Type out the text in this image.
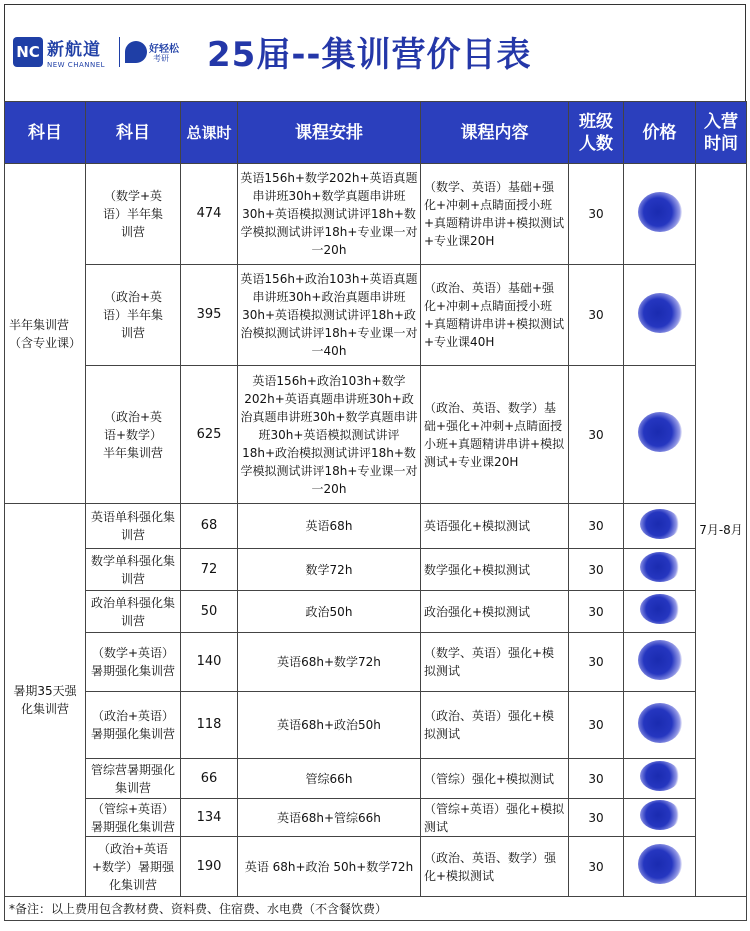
NC 新航道
NEW CHANNEL
好轻松
考研 25届--集训营价目表
科目	科目	总课时	课程安排	课程内容	班级人数	价格	入营时间
半年集训营（含专业课）	（数学+英语）半年集训营	474	英语156h+数学202h+英语真题串讲班30h+数学真题串讲班30h+英语模拟测试讲评18h+数学模拟测试讲评18h+专业课一对一20h	（数学、英语）基础+强化+冲刺+点睛面授小班+真题精讲串讲+模拟测试+专业课20H	30		7月-8月
	（政治+英语）半年集训营	395	英语156h+政治103h+英语真题串讲班30h+政治真题串讲班30h+英语模拟测试讲评18h+政治模拟测试讲评18h+专业课一对一40h	（政治、英语）基础+强化+冲刺+点睛面授小班+真题精讲串讲+模拟测试+专业课40H	30		
	（政治+英语+数学）半年集训营	625	英语156h+政治103h+数学202h+英语真题串讲班30h+政治真题串讲班30h+数学真题串讲班30h+英语模拟测试讲评18h+政治模拟测试讲评18h+数学模拟测试讲评18h+专业课一对一20h	（政治、英语、数学）基础+强化+冲刺+点睛面授小班+真题精讲串讲+模拟测试+专业课20H	30		
暑期35天强化集训营	英语单科强化集训营	68	英语68h	英语强化+模拟测试	30		
	数学单科强化集训营	72	数学72h	数学强化+模拟测试	30		
	政治单科强化集训营	50	政治50h	政治强化+模拟测试	30		
	（数学+英语）暑期强化集训营	140	英语68h+数学72h	（数学、英语）强化+模拟测试	30		
	（政治+英语）暑期强化集训营	118	英语68h+政治50h	（政治、英语）强化+模拟测试	30		
	管综营暑期强化集训营	66	管综66h	（管综）强化+模拟测试	30		
	（管综+英语）暑期强化集训营	134	英语68h+管综66h	（管综+英语）强化+模拟测试	30		
	（政治+英语+数学）暑期强化集训营	190	英语 68h+政治 50h+数学72h	（政治、英语、数学）强化+模拟测试	30		
*备注：以上费用包含教材费、资料费、住宿费、水电费（不含餐饮费）							
